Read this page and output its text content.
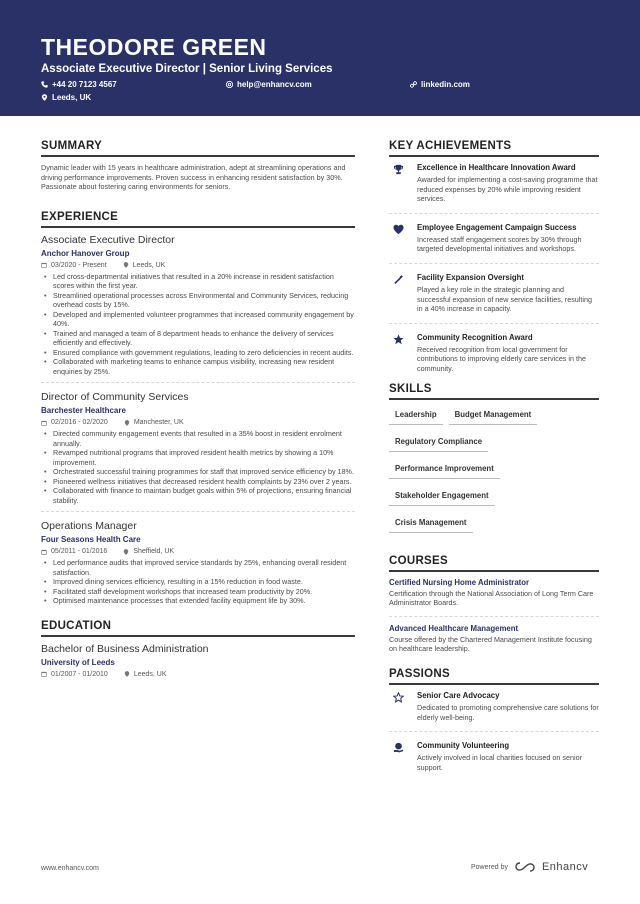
THEODORE GREEN
Associate Executive Director | Senior Living Services
+44 20 7123 4567	help@enhancv.com	linkedin.com
Leeds, UK
SUMMARY
Dynamic leader with 15 years in healthcare administration, adept at streamlining operations and driving performance improvements. Proven success in enhancing resident satisfaction by 30%. Passionate about fostering caring environments for seniors.
EXPERIENCE
Associate Executive Director
Anchor Hanover Group
03/2020 - Present	Leeds, UK
• Led cross-departmental initiatives that resulted in a 20% increase in resident satisfaction scores within the first year.
• Streamlined operational processes across Environmental and Community Services, reducing overhead costs by 15%.
• Developed and implemented volunteer programmes that increased community engagement by 40%.
• Trained and managed a team of 8 department heads to enhance the delivery of services efficiently and effectively.
• Ensured compliance with government regulations, leading to zero deficiencies in recent audits.
• Collaborated with marketing teams to enhance campus visibility, increasing new resident enquiries by 25%.
Director of Community Services
Barchester Healthcare
02/2016 - 02/2020	Manchester, UK
• Directed community engagement events that resulted in a 35% boost in resident enrolment annually.
• Revamped nutritional programs that improved resident health metrics by showing a 10% improvement.
• Orchestrated successful training programmes for staff that improved service efficiency by 18%.
• Pioneered wellness initiatives that decreased resident health complaints by 23% over 2 years.
• Collaborated with finance to maintain budget goals within 5% of projections, ensuring financial stability.
Operations Manager
Four Seasons Health Care
05/2011 - 01/2016	Sheffield, UK
• Led performance audits that improved service standards by 25%, enhancing overall resident satisfaction.
• Improved dining services efficiency, resulting in a 15% reduction in food waste.
• Facilitated staff development workshops that increased team productivity by 20%.
• Optimised maintenance processes that extended facility equipment life by 30%.
EDUCATION
Bachelor of Business Administration
University of Leeds
01/2007 - 01/2010	Leeds, UK
KEY ACHIEVEMENTS
Excellence in Healthcare Innovation Award
Awarded for implementing a cost-saving programme that reduced expenses by 20% while improving resident services.
Employee Engagement Campaign Success
Increased staff engagement scores by 30% through targeted developmental initiatives and workshops.
Facility Expansion Oversight
Played a key role in the strategic planning and successful expansion of new service facilities, resulting in a 40% increase in capacity.
Community Recognition Award
Received recognition from local government for contributions to improving elderly care services in the community.
SKILLS
Leadership	Budget Management
Regulatory Compliance
Performance Improvement
Stakeholder Engagement
Crisis Management
COURSES
Certified Nursing Home Administrator
Certification through the National Association of Long Term Care Administrator Boards.
Advanced Healthcare Management
Course offered by the Chartered Management Institute focusing on healthcare leadership.
PASSIONS
Senior Care Advocacy
Dedicated to promoting comprehensive care solutions for elderly well-being.
Community Volunteering
Actively involved in local charities focused on senior support.
www.enhancv.com	Powered by	Enhancv
